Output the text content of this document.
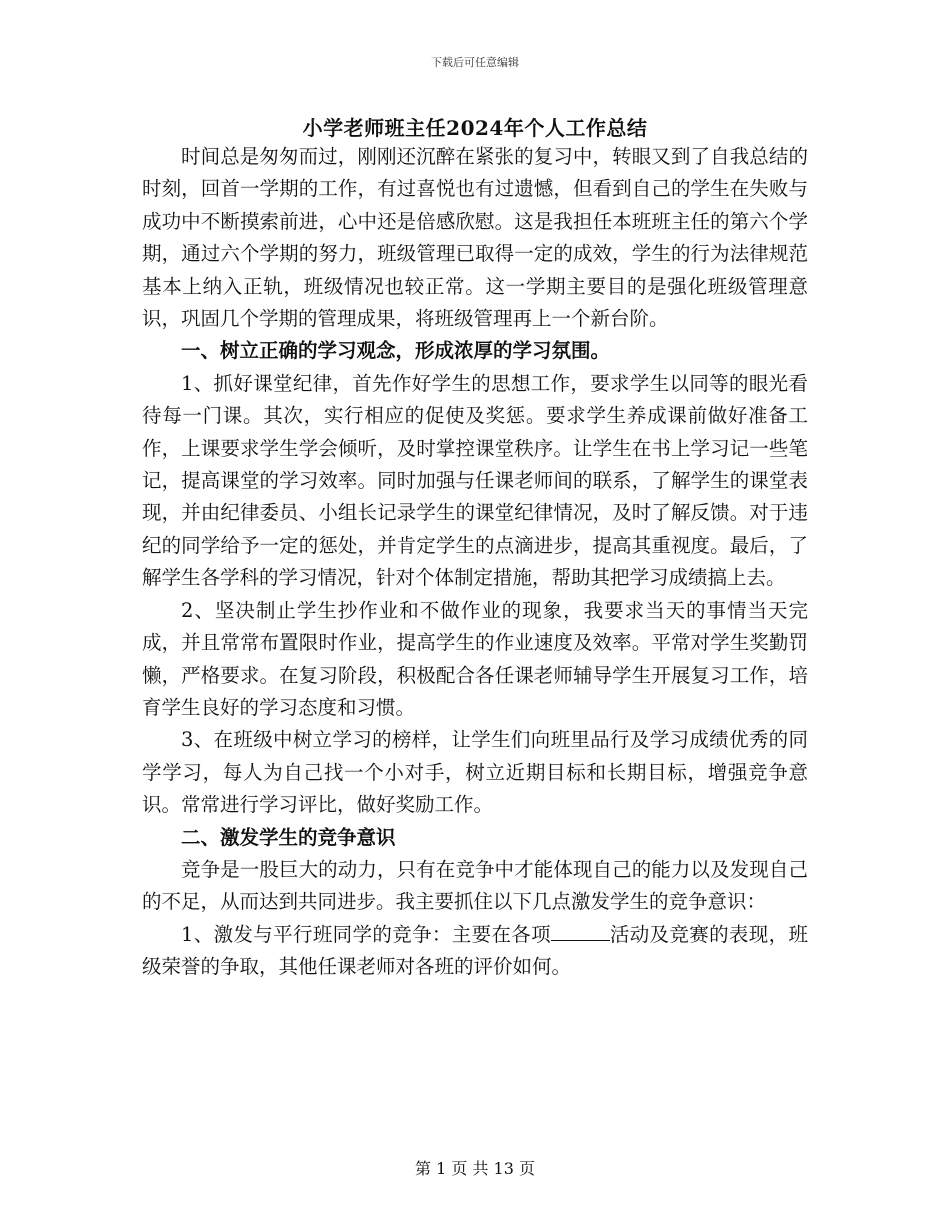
下载后可任意编辑
小学老师班主任2024年个人工作总结

时间总是匆匆而过，刚刚还沉醉在紧张的复习中，转眼又到了自我总结的时刻，回首一学期的工作，有过喜悦也有过遗憾，但看到自己的学生在失败与成功中不断摸索前进，心中还是倍感欣慰。这是我担任本班班主任的第六个学期，通过六个学期的努力，班级管理已取得一定的成效，学生的行为法律规范基本上纳入正轨，班级情况也较正常。这一学期主要目的是强化班级管理意识，巩固几个学期的管理成果，将班级管理再上一个新台阶。

一、树立正确的学习观念，形成浓厚的学习氛围。

1、抓好课堂纪律，首先作好学生的思想工作，要求学生以同等的眼光看待每一门课。其次，实行相应的促使及奖惩。要求学生养成课前做好准备工作，上课要求学生学会倾听，及时掌控课堂秩序。让学生在书上学习记一些笔记，提高课堂的学习效率。同时加强与任课老师间的联系，了解学生的课堂表现，并由纪律委员、小组长记录学生的课堂纪律情况，及时了解反馈。对于违纪的同学给予一定的惩处，并肯定学生的点滴进步，提高其重视度。最后，了解学生各学科的学习情况，针对个体制定措施，帮助其把学习成绩搞上去。

2、坚决制止学生抄作业和不做作业的现象，我要求当天的事情当天完成，并且常常布置限时作业，提高学生的作业速度及效率。平常对学生奖勤罚懒，严格要求。在复习阶段，积极配合各任课老师辅导学生开展复习工作，培育学生良好的学习态度和习惯。

3、在班级中树立学习的榜样，让学生们向班里品行及学习成绩优秀的同学学习，每人为自己找一个小对手，树立近期目标和长期目标，增强竞争意识。常常进行学习评比，做好奖励工作。

二、激发学生的竞争意识

竞争是一股巨大的动力，只有在竞争中才能体现自己的能力以及发现自己的不足，从而达到共同进步。我主要抓住以下几点激发学生的竞争意识：

1、激发与平行班同学的竞争：主要在各项	活动及竞赛的表现，班级荣誉的争取，其他任课老师对各班的评价如何。

第 1 页 共 13 页
